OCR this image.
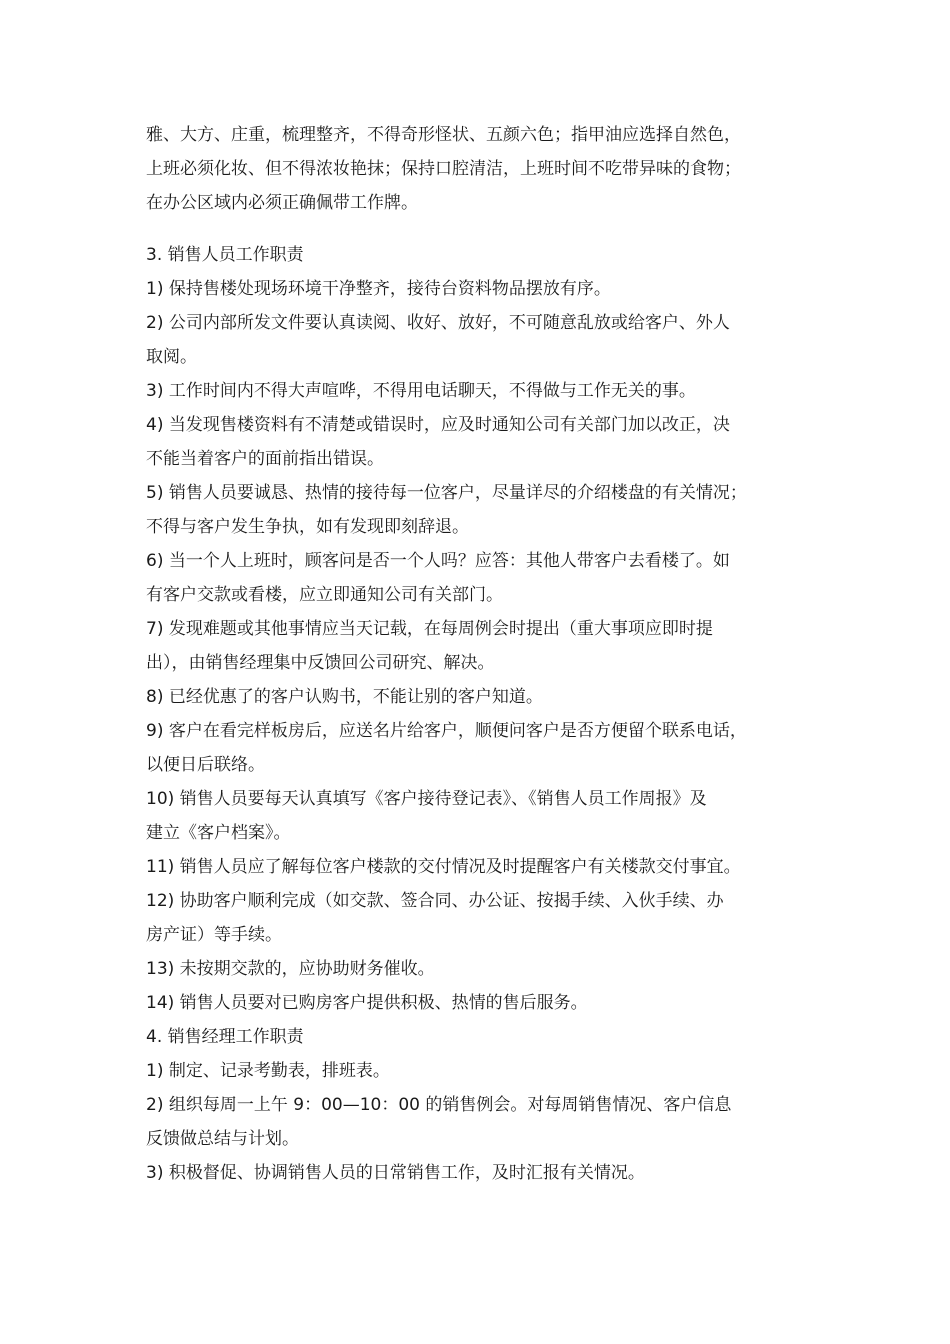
雅、大方、庄重，梳理整齐，不得奇形怪状、五颜六色；指甲油应选择自然色，

上班必须化妆、但不得浓妆艳抹；保持口腔清洁，上班时间不吃带异味的食物；

在办公区域内必须正确佩带工作牌。

3. 销售人员工作职责

1) 保持售楼处现场环境干净整齐，接待台资料物品摆放有序。

2) 公司内部所发文件要认真读阅、收好、放好，不可随意乱放或给客户、外人

取阅。

3) 工作时间内不得大声喧哗，不得用电话聊天，不得做与工作无关的事。

4) 当发现售楼资料有不清楚或错误时，应及时通知公司有关部门加以改正，决

不能当着客户的面前指出错误。

5) 销售人员要诚恳、热情的接待每一位客户，尽量详尽的介绍楼盘的有关情况；

不得与客户发生争执，如有发现即刻辞退。

6) 当一个人上班时，顾客问是否一个人吗？应答：其他人带客户去看楼了。如

有客户交款或看楼，应立即通知公司有关部门。

7) 发现难题或其他事情应当天记载，在每周例会时提出（重大事项应即时提

出），由销售经理集中反馈回公司研究、解决。

8) 已经优惠了的客户认购书，不能让别的客户知道。

9) 客户在看完样板房后，应送名片给客户，顺便问客户是否方便留个联系电话，

以便日后联络。

10) 销售人员要每天认真填写《客户接待登记表》、《销售人员工作周报》及

建立《客户档案》。

11) 销售人员应了解每位客户楼款的交付情况及时提醒客户有关楼款交付事宜。

12) 协助客户顺利完成（如交款、签合同、办公证、按揭手续、入伙手续、办

房产证）等手续。

13) 未按期交款的，应协助财务催收。

14) 销售人员要对已购房客户提供积极、热情的售后服务。

4. 销售经理工作职责

1) 制定、记录考勤表，排班表。

2) 组织每周一上午 9：00—10：00 的销售例会。对每周销售情况、客户信息

反馈做总结与计划。

3) 积极督促、协调销售人员的日常销售工作，及时汇报有关情况。
